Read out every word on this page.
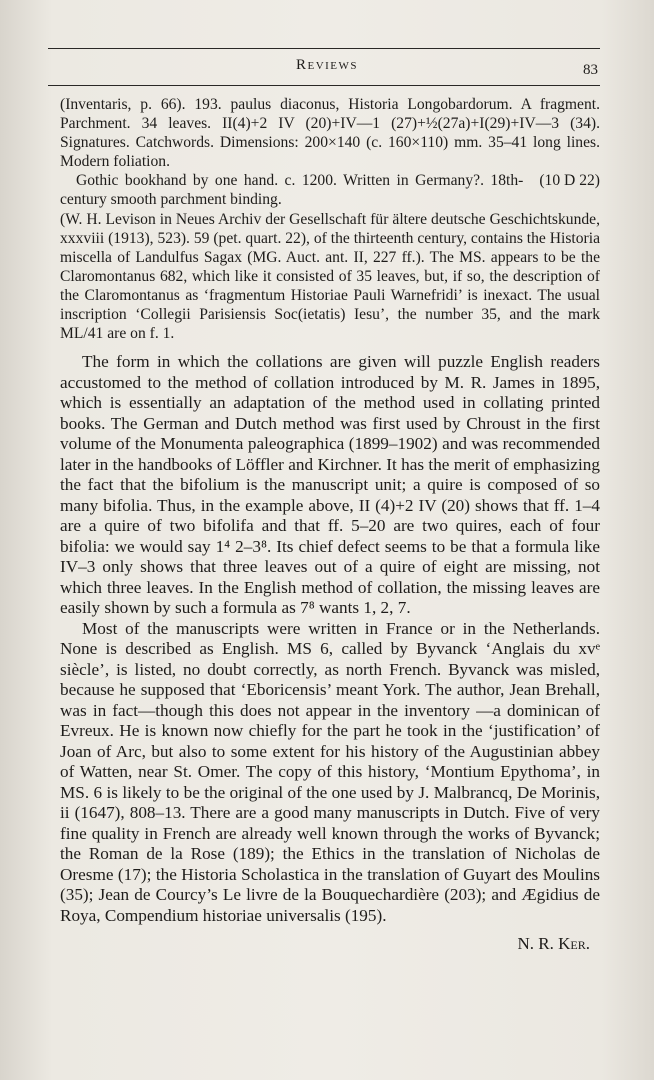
Reviews	83

(Inventaris, p. 66). 193. paulus diaconus, Historia Longobardorum. A fragment. Parchment. 34 leaves. II(4)+2 IV (20)+IV—1 (27)+½(27a)+I(29)+IV—3 (34). Signatures. Catchwords. Dimensions: 200×140 (c. 160×110) mm. 35–41 long lines. Modern foliation.

(10 D 22)
Gothic bookhand by one hand. c. 1200. Written in Germany?. 18th-century smooth parchment binding.

(W. H. Levison in Neues Archiv der Gesellschaft für ältere deutsche Geschichtskunde, xxxviii (1913), 523). 59 (pet. quart. 22), of the thirteenth century, contains the Historia miscella of Landulfus Sagax (MG. Auct. ant. II, 227 ff.). The MS. appears to be the Claromontanus 682, which like it consisted of 35 leaves, but, if so, the description of the Claromontanus as ‘fragmentum Historiae Pauli Warnefridi’ is inexact. The usual inscription ‘Collegii Parisiensis Soc(ietatis) Iesu’, the number 35, and the mark ML/41 are on f. 1.

The form in which the collations are given will puzzle English readers accustomed to the method of collation introduced by M. R. James in 1895, which is essentially an adaptation of the method used in collating printed books. The German and Dutch method was first used by Chroust in the first volume of the Monumenta paleographica (1899–1902) and was recommended later in the handbooks of Löffler and Kirchner. It has the merit of emphasizing the fact that the bifolium is the manuscript unit; a quire is composed of so many bifolia. Thus, in the example above, II (4)+2 IV (20) shows that ff. 1–4 are a quire of two bifolifa and that ff. 5–20 are two quires, each of four bifolia: we would say 1⁴ 2–3⁸. Its chief defect seems to be that a formula like IV–3 only shows that three leaves out of a quire of eight are missing, not which three leaves. In the English method of collation, the missing leaves are easily shown by such a formula as 7⁸ wants 1, 2, 7.

Most of the manuscripts were written in France or in the Netherlands. None is described as English. MS 6, called by Byvanck ‘Anglais du xvᵉ siècle’, is listed, no doubt correctly, as north French. Byvanck was misled, because he supposed that ‘Eboricensis’ meant York. The author, Jean Brehall, was in fact—though this does not appear in the inventory —a dominican of Evreux. He is known now chiefly for the part he took in the ‘justification’ of Joan of Arc, but also to some extent for his history of the Augustinian abbey of Watten, near St. Omer. The copy of this history, ‘Montium Epythoma’, in MS. 6 is likely to be the original of the one used by J. Malbrancq, De Morinis, ii (1647), 808–13. There are a good many manuscripts in Dutch. Five of very fine quality in French are already well known through the works of Byvanck; the Roman de la Rose (189); the Ethics in the translation of Nicholas de Oresme (17); the Historia Scholastica in the translation of Guyart des Moulins (35); Jean de Courcy’s Le livre de la Bouquechardière (203); and Ægidius de Roya, Compendium historiae universalis (195).

N. R. Ker.
